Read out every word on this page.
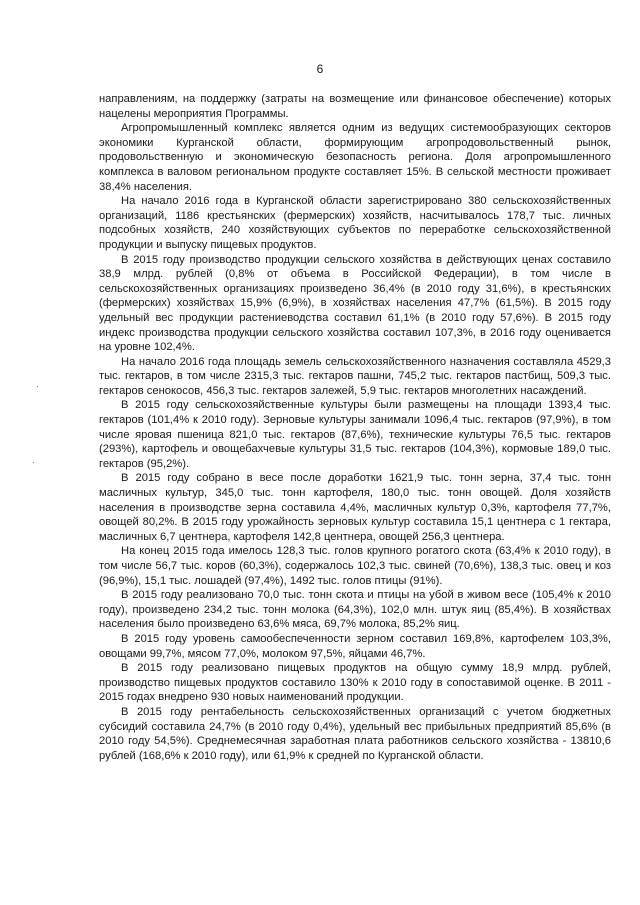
6

направлениям, на поддержку (затраты на возмещение или финансовое обеспечение) которых нацелены мероприятия Программы.

Агропромышленный комплекс является одним из ведущих системообразующих секторов экономики Курганской области, формирующим агропродовольственный рынок, продовольственную и экономическую безопасность региона. Доля агропромышленного комплекса в валовом региональном продукте составляет 15%. В сельской местности проживает 38,4% населения.

На начало 2016 года в Курганской области зарегистрировано 380 сельскохозяйственных организаций, 1186 крестьянских (фермерских) хозяйств, насчитывалось 178,7 тыс. личных подсобных хозяйств, 240 хозяйствующих субъектов по переработке сельскохозяйственной продукции и выпуску пищевых продуктов.

В 2015 году производство продукции сельского хозяйства в действующих ценах составило 38,9 млрд. рублей (0,8% от объема в Российской Федерации), в том числе в сельскохозяйственных организациях произведено 36,4% (в 2010 году 31,6%), в крестьянских (фермерских) хозяйствах 15,9% (6,9%), в хозяйствах населения 47,7% (61,5%). В 2015 году удельный вес продукции растениеводства составил 61,1% (в 2010 году 57,6%). В 2015 году индекс производства продукции сельского хозяйства составил 107,3%, в 2016 году оценивается на уровне 102,4%.

На начало 2016 года площадь земель сельскохозяйственного назначения составляла 4529,3 тыс. гектаров, в том числе 2315,3 тыс. гектаров пашни, 745,2 тыс. гектаров пастбищ, 509,3 тыс. гектаров сенокосов, 456,3 тыс. гектаров залежей, 5,9 тыс. гектаров многолетних насаждений.

В 2015 году сельскохозяйственные культуры были размещены на площади 1393,4 тыс. гектаров (101,4% к 2010 году). Зерновые культуры занимали 1096,4 тыс. гектаров (97,9%), в том числе яровая пшеница 821,0 тыс. гектаров (87,6%), технические культуры 76,5 тыс. гектаров (293%), картофель и овощебахчевые культуры 31,5 тыс. гектаров (104,3%), кормовые 189,0 тыс. гектаров (95,2%).

В 2015 году собрано в весе после доработки 1621,9 тыс. тонн зерна, 37,4 тыс. тонн масличных культур, 345,0 тыс. тонн картофеля, 180,0 тыс. тонн овощей. Доля хозяйств населения в производстве зерна составила 4,4%, масличных культур 0,3%, картофеля 77,7%, овощей 80,2%. В 2015 году урожайность зерновых культур составила 15,1 центнера с 1 гектара, масличных 6,7 центнера, картофеля 142,8 центнера, овощей 256,3 центнера.

На конец 2015 года имелось 128,3 тыс. голов крупного рогатого скота (63,4% к 2010 году), в том числе 56,7 тыс. коров (60,3%), содержалось 102,3 тыс. свиней (70,6%), 138,3 тыс. овец и коз (96,9%), 15,1 тыс. лошадей (97,4%), 1492 тыс. голов птицы (91%).

В 2015 году реализовано 70,0 тыс. тонн скота и птицы на убой в живом весе (105,4% к 2010 году), произведено 234,2 тыс. тонн молока (64,3%), 102,0 млн. штук яиц (85,4%). В хозяйствах населения было произведено 63,6% мяса, 69,7% молока, 85,2% яиц.

В 2015 году уровень самообеспеченности зерном составил 169,8%, картофелем 103,3%, овощами 99,7%, мясом 77,0%, молоком 97,5%, яйцами 46,7%.

В 2015 году реализовано пищевых продуктов на общую сумму 18,9 млрд. рублей, производство пищевых продуктов составило 130% к 2010 году в сопоставимой оценке. В 2011 - 2015 годах внедрено 930 новых наименований продукции.

В 2015 году рентабельность сельскохозяйственных организаций с учетом бюджетных субсидий составила 24,7% (в 2010 году 0,4%), удельный вес прибыльных предприятий 85,6% (в 2010 году 54,5%). Среднемесячная заработная плата работников сельского хозяйства - 13810,6 рублей (168,6% к 2010 году), или 61,9% к средней по Курганской области.
